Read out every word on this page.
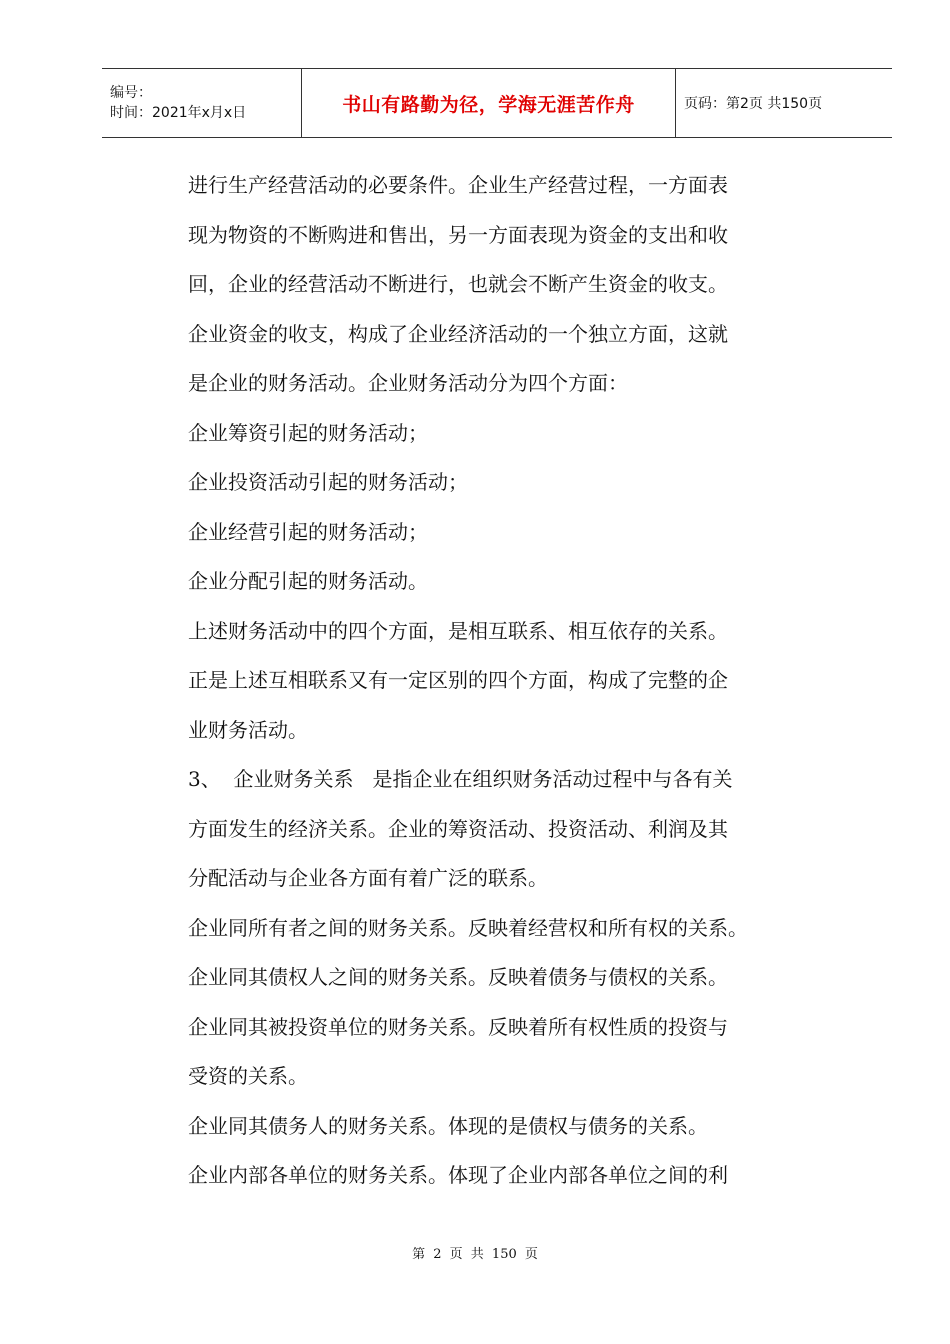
编号：
时间：2021年x月x日	书山有路勤为径，学海无涯苦作舟	页码：第2页 共150页

进行生产经营活动的必要条件。企业生产经营过程，一方面表

现为物资的不断购进和售出，另一方面表现为资金的支出和收

回，企业的经营活动不断进行，也就会不断产生资金的收支。

企业资金的收支，构成了企业经济活动的一个独立方面，这就

是企业的财务活动。企业财务活动分为四个方面：

企业筹资引起的财务活动；

企业投资活动引起的财务活动；

企业经营引起的财务活动；

企业分配引起的财务活动。

上述财务活动中的四个方面，是相互联系、相互依存的关系。

正是上述互相联系又有一定区别的四个方面，构成了完整的企

业财务活动。

3、  企业财务关系   是指企业在组织财务活动过程中与各有关

方面发生的经济关系。企业的筹资活动、投资活动、利润及其

分配活动与企业各方面有着广泛的联系。

企业同所有者之间的财务关系。反映着经营权和所有权的关系。

企业同其债权人之间的财务关系。反映着债务与债权的关系。

企业同其被投资单位的财务关系。反映着所有权性质的投资与

受资的关系。

企业同其债务人的财务关系。体现的是债权与债务的关系。

企业内部各单位的财务关系。体现了企业内部各单位之间的利

第 2 页 共 150 页
